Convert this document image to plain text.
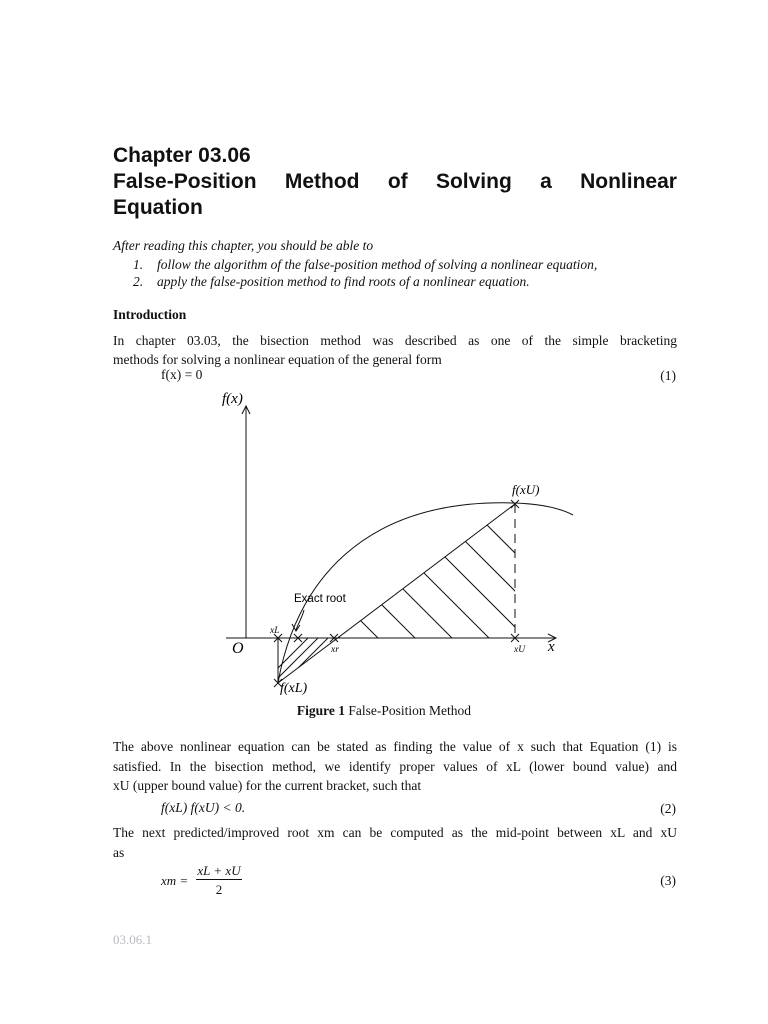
Chapter 03.06
False-Position Method of Solving a Nonlinear
Equation
After reading this chapter, you should be able to
1. follow the algorithm of the false-position method of solving a nonlinear equation,
2. apply the false-position method to find roots of a nonlinear equation.
Introduction
In chapter 03.03, the bisection method was described as one of the simple bracketing
methods for solving a nonlinear equation of the general form
f(x) = 0	(1)
f(x)
x
O
f(xU)
f(xL)
Exact root
xL
xr	xU
Figure 1 False-Position Method
The above nonlinear equation can be stated as finding the value of x such that Equation (1) is
satisfied. In the bisection method, we identify proper values of xL (lower bound value) and
xU (upper bound value) for the current bracket, such that
f(xL) f(xU) < 0.	(2)
The next predicted/improved root xm can be computed as the mid-point between xL and xU
as
xm =
xL + xU
2
(3)
03.06.1
